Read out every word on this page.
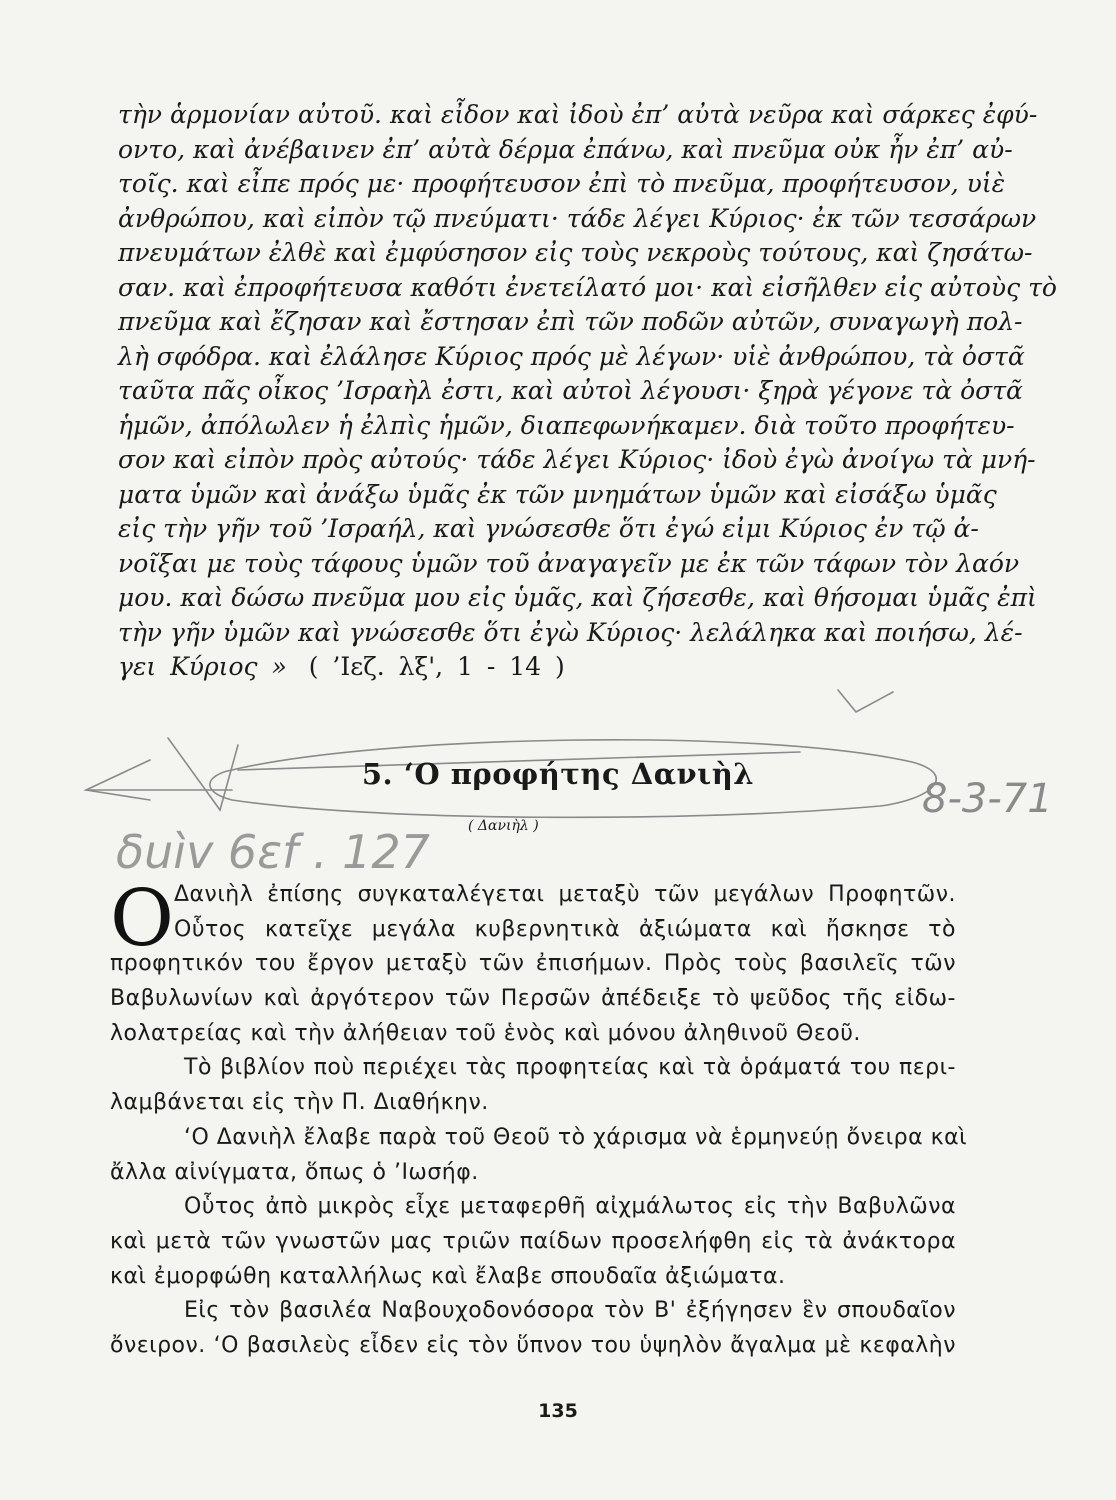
τὴν ἁρμονίαν αὐτοῦ. καὶ εἶδον καὶ ἰδοὺ ἐπ’ αὐτὰ νεῦρα καὶ σάρκες ἐφύ-
οντο, καὶ ἀνέβαινεν ἐπ’ αὐτὰ δέρμα ἐπάνω, καὶ πνεῦμα οὐκ ἦν ἐπ’ αὐ-
τοῖς. καὶ εἶπε πρός με· προφήτευσον ἐπὶ τὸ πνεῦμα, προφήτευσον, υἱὲ
ἀνθρώπου, καὶ εἰπὸν τῷ πνεύματι· τάδε λέγει Κύριος· ἐκ τῶν τεσσάρων
πνευμάτων ἐλθὲ καὶ ἐμφύσησον εἰς τοὺς νεκροὺς τούτους, καὶ ζησάτω-
σαν. καὶ ἐπροφήτευσα καθότι ἐνετείλατό μοι· καὶ εἰσῆλθεν εἰς αὐτοὺς τὸ
πνεῦμα καὶ ἔζησαν καὶ ἔστησαν ἐπὶ τῶν ποδῶν αὐτῶν, συναγωγὴ πολ-
λὴ σφόδρα. καὶ ἐλάλησε Κύριος πρός μὲ λέγων· υἱὲ ἀνθρώπου, τὰ ὀστᾶ
ταῦτα πᾶς οἶκος ’Ισραὴλ ἐστι, καὶ αὐτοὶ λέγουσι· ξηρὰ γέγονε τὰ ὀστᾶ
ἡμῶν, ἀπόλωλεν ἡ ἐλπὶς ἡμῶν, διαπεφωνήκαμεν. διὰ τοῦτο προφήτευ-
σον καὶ εἰπὸν πρὸς αὐτούς· τάδε λέγει Κύριος· ἰδοὺ ἐγὼ ἀνοίγω τὰ μνή-
ματα ὑμῶν καὶ ἀνάξω ὑμᾶς ἐκ τῶν μνημάτων ὑμῶν καὶ εἰσάξω ὑμᾶς
εἰς τὴν γῆν τοῦ ’Ισραήλ, καὶ γνώσεσθε ὅτι ἐγώ εἰμι Κύριος ἐν τῷ ἀ-
νοῖξαι με τοὺς τάφους ὑμῶν τοῦ ἀναγαγεῖν με ἐκ τῶν τάφων τὸν λαόν
μου. καὶ δώσω πνεῦμα μου εἰς ὑμᾶς, καὶ ζήσεσθε, καὶ θήσομαι ὑμᾶς ἐπὶ
τὴν γῆν ὑμῶν καὶ γνώσεσθε ὅτι ἐγὼ Κύριος· λελάληκα καὶ ποιήσω, λέ-
γει Κύριος » ( ’Ιεζ. λξ', 1 - 14 )
8-3-71
δuìv 6εf . 127
5. ‘Ο προφήτης Δανιὴλ
( Δανιὴλ )
O Δανιὴλ ἐπίσης συγκαταλέγεται μεταξὺ τῶν μεγάλων Προφητῶν.
Οὗτος κατεῖχε μεγάλα κυβερνητικὰ ἀξιώματα καὶ ἤσκησε τὸ
προφητικόν του ἔργον μεταξὺ τῶν ἐπισήμων. Πρὸς τοὺς βασιλεῖς τῶν
Βαβυλωνίων καὶ ἀργότερον τῶν Περσῶν ἀπέδειξε τὸ ψεῦδος τῆς εἰδω-
λολατρείας καὶ τὴν ἀλήθειαν τοῦ ἑνὸς καὶ μόνου ἀληθινοῦ Θεοῦ.
Τὸ βιβλίον ποὺ περιέχει τὰς προφητείας καὶ τὰ ὁράματά του περι-
λαμβάνεται εἰς τὴν Π. Διαθήκην.
‘Ο Δανιὴλ ἔλαβε παρὰ τοῦ Θεοῦ τὸ χάρισμα νὰ ἑρμηνεύῃ ὄνειρα καὶ
ἄλλα αἰνίγματα, ὅπως ὁ ’Ιωσήφ.
Οὗτος ἀπὸ μικρὸς εἶχε μεταφερθῆ αἰχμάλωτος εἰς τὴν Βαβυλῶνα
καὶ μετὰ τῶν γνωστῶν μας τριῶν παίδων προσελήφθη εἰς τὰ ἀνάκτορα
καὶ ἐμορφώθη καταλλήλως καὶ ἔλαβε σπουδαῖα ἀξιώματα.
Εἰς τὸν βασιλέα Ναβουχοδονόσορα τὸν Β' ἐξήγησεν ἓν σπουδαῖον
ὄνειρον. ‘Ο βασιλεὺς εἶδεν εἰς τὸν ὕπνον του ὑψηλὸν ἄγαλμα μὲ κεφαλὴν
135
